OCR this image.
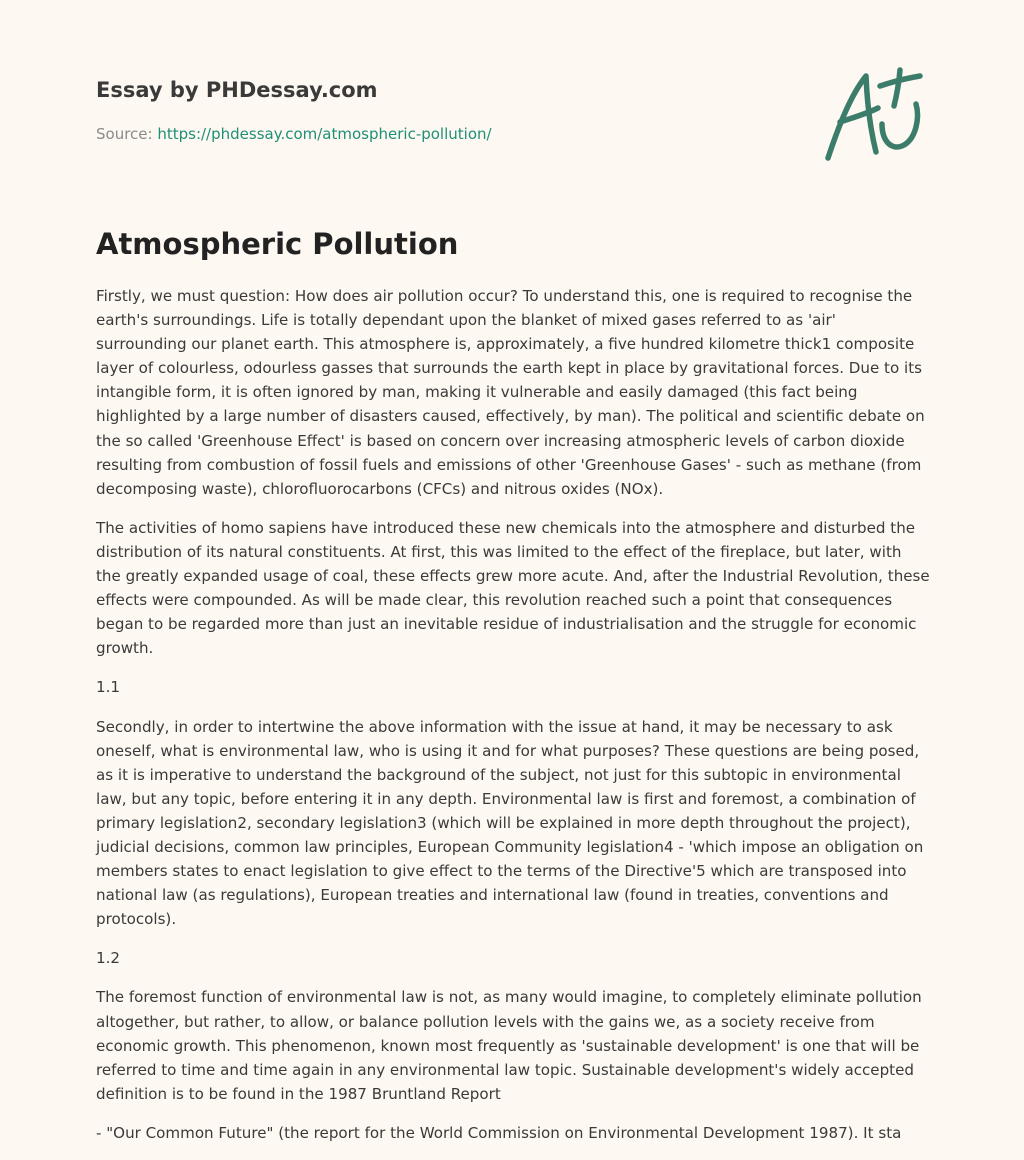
Essay by PHDessay.com
Source: https://phdessay.com/atmospheric-pollution/
Atmospheric Pollution

Firstly, we must question: How does air pollution occur? To understand this, one is required to recognise the earth's surroundings. Life is totally dependant upon the blanket of mixed gases referred to as 'air' surrounding our planet earth. This atmosphere is, approximately, a five hundred kilometre thick1 composite layer of colourless, odourless gasses that surrounds the earth kept in place by gravitational forces. Due to its intangible form, it is often ignored by man, making it vulnerable and easily damaged (this fact being highlighted by a large number of disasters caused, effectively, by man). The political and scientific debate on the so called 'Greenhouse Effect' is based on concern over increasing atmospheric levels of carbon dioxide resulting from combustion of fossil fuels and emissions of other 'Greenhouse Gases' - such as methane (from decomposing waste), chlorofluorocarbons (CFCs) and nitrous oxides (NOx).

The activities of homo sapiens have introduced these new chemicals into the atmosphere and disturbed the distribution of its natural constituents. At first, this was limited to the effect of the fireplace, but later, with the greatly expanded usage of coal, these effects grew more acute. And, after the Industrial Revolution, these effects were compounded. As will be made clear, this revolution reached such a point that consequences began to be regarded more than just an inevitable residue of industrialisation and the struggle for economic growth.

1.1

Secondly, in order to intertwine the above information with the issue at hand, it may be necessary to ask oneself, what is environmental law, who is using it and for what purposes? These questions are being posed, as it is imperative to understand the background of the subject, not just for this subtopic in environmental law, but any topic, before entering it in any depth. Environmental law is first and foremost, a combination of primary legislation2, secondary legislation3 (which will be explained in more depth throughout the project), judicial decisions, common law principles, European Community legislation4 - 'which impose an obligation on members states to enact legislation to give effect to the terms of the Directive'5 which are transposed into national law (as regulations), European treaties and international law (found in treaties, conventions and protocols).

1.2

The foremost function of environmental law is not, as many would imagine, to completely eliminate pollution altogether, but rather, to allow, or balance pollution levels with the gains we, as a society receive from economic growth. This phenomenon, known most frequently as 'sustainable development' is one that will be referred to time and time again in any environmental law topic. Sustainable development's widely accepted definition is to be found in the 1987 Bruntland Report

- "Our Common Future" (the report for the World Commission on Environmental Development 1987). It sta
